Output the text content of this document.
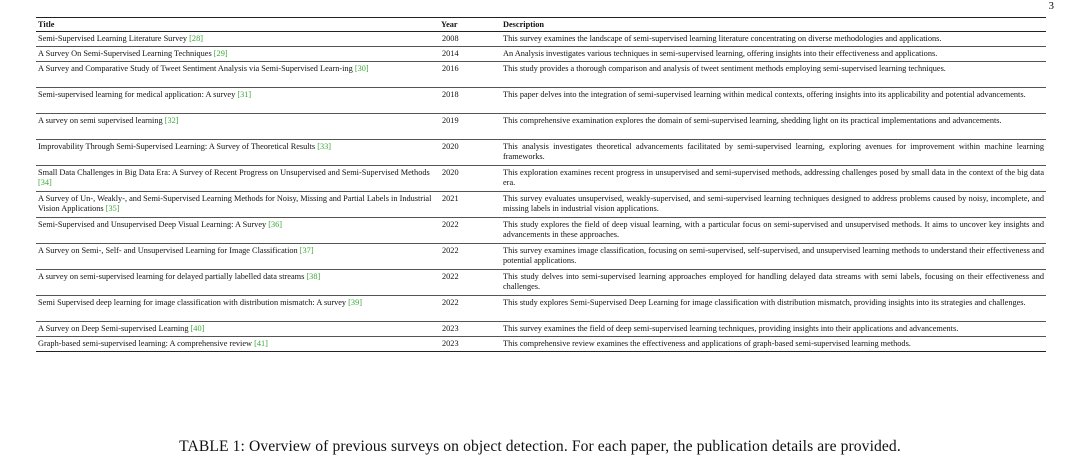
3
Title	Year	Description
Semi-Supervised Learning Literature Survey [28]	2008	This survey examines the landscape of semi-supervised learning literature concentrating on diverse methodologies and applications.
A Survey On Semi-Supervised Learning Techniques [29]	2014	An Analysis investigates various techniques in semi-supervised learning, offering insights into their effectiveness and applications.
A Survey and Comparative Study of Tweet Sentiment Analysis via Semi-Supervised Learn-ing [30]	2016	This study provides a thorough comparison and analysis of tweet sentiment methods employing semi-supervised learning techniques.
Semi-supervised learning for medical application: A survey [31]	2018	This paper delves into the integration of semi-supervised learning within medical contexts, offering insights into its applicability and potential advancements.
A survey on semi supervised learning [32]	2019	This comprehensive examination explores the domain of semi-supervised learning, shedding light on its practical implementations and advancements.
Improvability Through Semi-Supervised Learning: A Survey of Theoretical Results [33]	2020	This analysis investigates theoretical advancements facilitated by semi-supervised learning, exploring avenues for improvement within machine learning frameworks.
Small Data Challenges in Big Data Era: A Survey of Recent Progress on Unsupervised and Semi-Supervised Methods [34]	2020	This exploration examines recent progress in unsupervised and semi-supervised methods, addressing challenges posed by small data in the context of the big data era.
A Survey of Un-, Weakly-, and Semi-Supervised Learning Methods for Noisy, Missing and Partial Labels in Industrial Vision Applications [35]	2021	This survey evaluates unsupervised, weakly-supervised, and semi-supervised learning techniques designed to address problems caused by noisy, incomplete, and missing labels in industrial vision applications.
Semi-Supervised and Unsupervised Deep Visual Learning: A Survey [36]	2022	This study explores the field of deep visual learning, with a particular focus on semi-supervised and unsupervised methods. It aims to uncover key insights and advancements in these approaches.
A Survey on Semi-, Self- and Unsupervised Learning for Image Classification [37]	2022	This survey examines image classification, focusing on semi-supervised, self-supervised, and unsupervised learning methods to understand their effectiveness and potential applications.
A survey on semi-supervised learning for delayed partially labelled data streams [38]	2022	This study delves into semi-supervised learning approaches employed for handling delayed data streams with semi labels, focusing on their effectiveness and challenges.
Semi Supervised deep learning for image classification with distribution mismatch: A survey [39]	2022	This study explores Semi-Supervised Deep Learning for image classification with distribution mismatch, providing insights into its strategies and challenges.
A Survey on Deep Semi-supervised Learning [40]	2023	This survey examines the field of deep semi-supervised learning techniques, providing insights into their applications and advancements.
Graph-based semi-supervised learning: A comprehensive review [41]	2023	This comprehensive review examines the effectiveness and applications of graph-based semi-supervised learning methods.
TABLE 1: Overview of previous surveys on object detection. For each paper, the publication details are provided.
